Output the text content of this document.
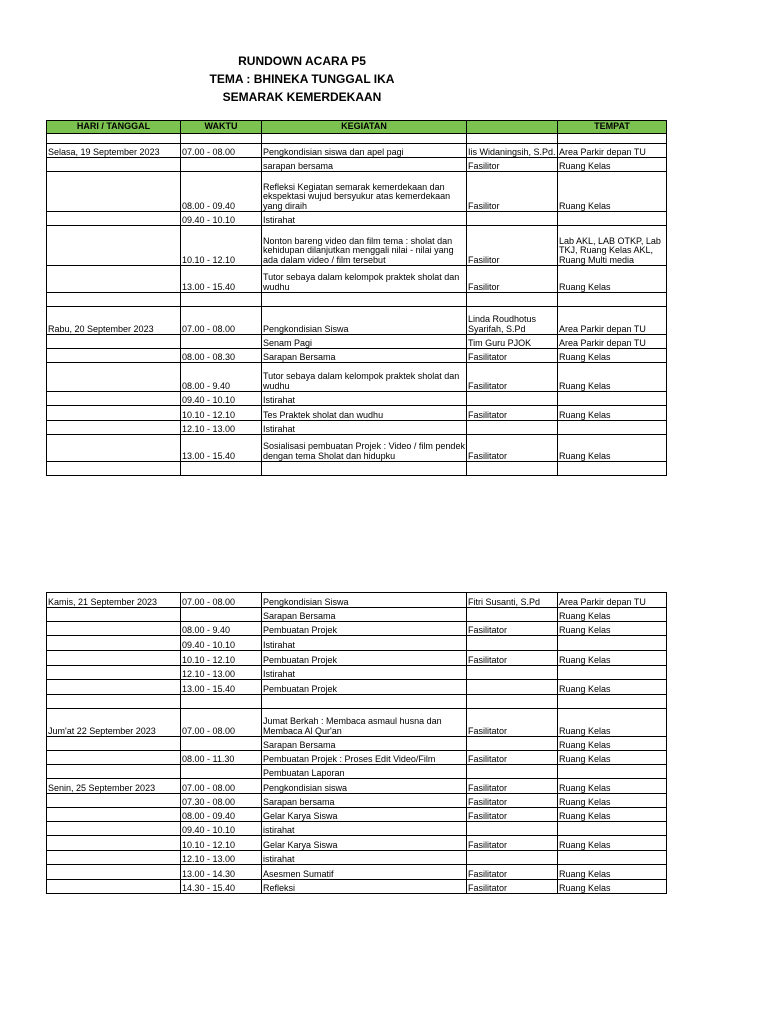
RUNDOWN ACARA P5
TEMA : BHINEKA TUNGGAL IKA
SEMARAK KEMERDEKAAN
HARI / TANGGAL	WAKTU	KEGIATAN		TEMPAT

Selasa, 19 September 2023	07.00 - 08.00	Pengkondisian siswa dan apel pagi	Iis Widaningsih, S.Pd.	Area Parkir depan TU
		sarapan bersama	Fasilitor	Ruang Kelas
	08.00 - 09.40	Refleksi Kegiatan semarak kemerdekaan dan ekspektasi wujud bersyukur atas kemerdekaan yang diraih	Fasilitor	Ruang Kelas
	09.40 - 10.10	Istirahat		
	10.10 - 12.10	Nonton bareng video dan film tema : sholat dan kehidupan dilanjutkan menggali nilai - nilai yang ada dalam video / film tersebut	Fasilitor	Lab AKL, LAB OTKP, Lab TKJ, Ruang Kelas AKL, Ruang Multi media
	13.00 - 15.40	Tutor sebaya dalam kelompok praktek sholat dan wudhu	Fasilitor	Ruang Kelas

Rabu, 20 September 2023	07.00 - 08.00	Pengkondisian Siswa	Linda Roudhotus Syarifah, S.Pd	Area Parkir depan TU
		Senam Pagi	Tim Guru PJOK	Area Parkir depan TU
	08.00 - 08.30	Sarapan Bersama	Fasilitator	Ruang Kelas
	08.00 - 9.40	Tutor sebaya dalam kelompok praktek sholat dan wudhu	Fasilitator	Ruang Kelas
	09.40 - 10.10	Istirahat		
	10.10 - 12.10	Tes Praktek sholat dan wudhu	Fasilitator	Ruang Kelas
	12.10 - 13.00	Istirahat		
	13.00 - 15.40	Sosialisasi pembuatan Projek : Video / film pendek dengan tema Sholat dan hidupku	Fasilitator	Ruang Kelas

Kamis, 21 September 2023	07.00 - 08.00	Pengkondisian Siswa	Fitri Susanti, S.Pd	Area Parkir depan TU
		Sarapan Bersama		Ruang Kelas
	08.00 - 9.40	Pembuatan Projek	Fasilitator	Ruang Kelas
	09.40 - 10.10	Istirahat		
	10.10 - 12.10	Pembuatan Projek	Fasilitator	Ruang Kelas
	12.10 - 13.00	Istirahat		
	13.00 - 15.40	Pembuatan Projek		Ruang Kelas

Jum'at 22 September 2023	07.00 - 08.00	Jumat Berkah : Membaca asmaul husna dan Membaca Al Qur'an	Fasilitator	Ruang Kelas
		Sarapan Bersama		Ruang Kelas
	08.00 - 11.30	Pembuatan Projek : Proses Edit Video/Film	Fasilitator	Ruang Kelas
		Pembuatan Laporan		
Senin, 25 September 2023	07.00 - 08.00	Pengkondisian siswa	Fasilitator	Ruang Kelas
	07.30 - 08.00	Sarapan bersama	Fasilitator	Ruang Kelas
	08.00 - 09.40	Gelar Karya Siswa	Fasilitator	Ruang Kelas
	09.40 - 10.10	istirahat		
	10.10 - 12.10	Gelar Karya Siswa	Fasilitator	Ruang Kelas
	12.10 - 13.00	istirahat		
	13.00 - 14.30	Asesmen Sumatif	Fasilitator	Ruang Kelas
	14.30 - 15.40	Refleksi	Fasilitator	Ruang Kelas
